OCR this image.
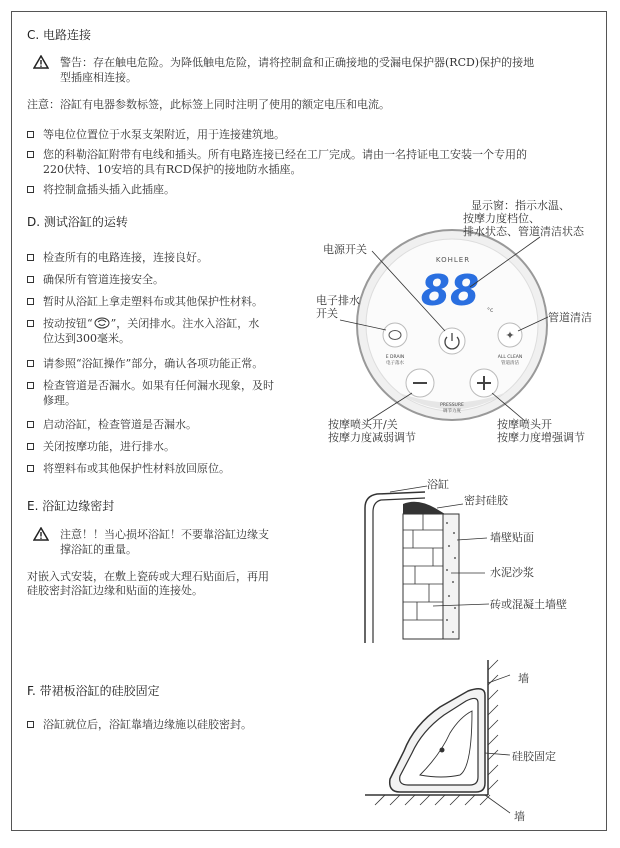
C. 电路连接
警告：存在触电危险。为降低触电危险，请将控制盒和正确接地的受漏电保护器(RCD)保护的接地
型插座相连接。
注意：浴缸有电器参数标签，此标签上同时注明了使用的额定电压和电流。
等电位位置位于水泵支架附近，用于连接建筑地。
您的科勒浴缸附带有电线和插头。所有电路连接已经在工厂完成。请由一名持证电工安装一个专用的
220伏特、10安培的具有RCD保护的接地防水插座。
将控制盒插头插入此插座。
D. 测试浴缸的运转
检查所有的电路连接，连接良好。
确保所有管道连接安全。
暂时从浴缸上拿走塑料布或其他保护性材料。
按动按钮“ ”，关闭排水。注水入浴缸，水
位达到300毫米。
请参照“浴缸操作”部分，确认各项功能正常。
检查管道是否漏水。如果有任何漏水现象，及时
修理。
启动浴缸，检查管道是否漏水。
关闭按摩功能，进行排水。
将塑料布或其他保护性材料放回原位。
KOHLER
88 °c
E DRAIN
电子落水
✦
ALL CLEAN
管道清洁
PRESSURE
调节力度
显示窗：指示水温、
按摩力度档位、
排水状态、管道清洁状态
电源开关
电子排水
开关	管道清洁
按摩喷头开/关
按摩力度减弱调节
按摩喷头开
按摩力度增强调节
E. 浴缸边缘密封
注意！！当心损坏浴缸！不要靠浴缸边缘支
撑浴缸的重量。
对嵌入式安装，在敷上瓷砖或大理石贴面后，再用
硅胶密封浴缸边缘和贴面的连接处。
浴缸
密封硅胶
墙壁贴面
水泥沙浆
砖或混凝土墙壁
F. 带裙板浴缸的硅胶固定
浴缸就位后，浴缸靠墙边缘施以硅胶密封。
墙
硅胶固定
墙
